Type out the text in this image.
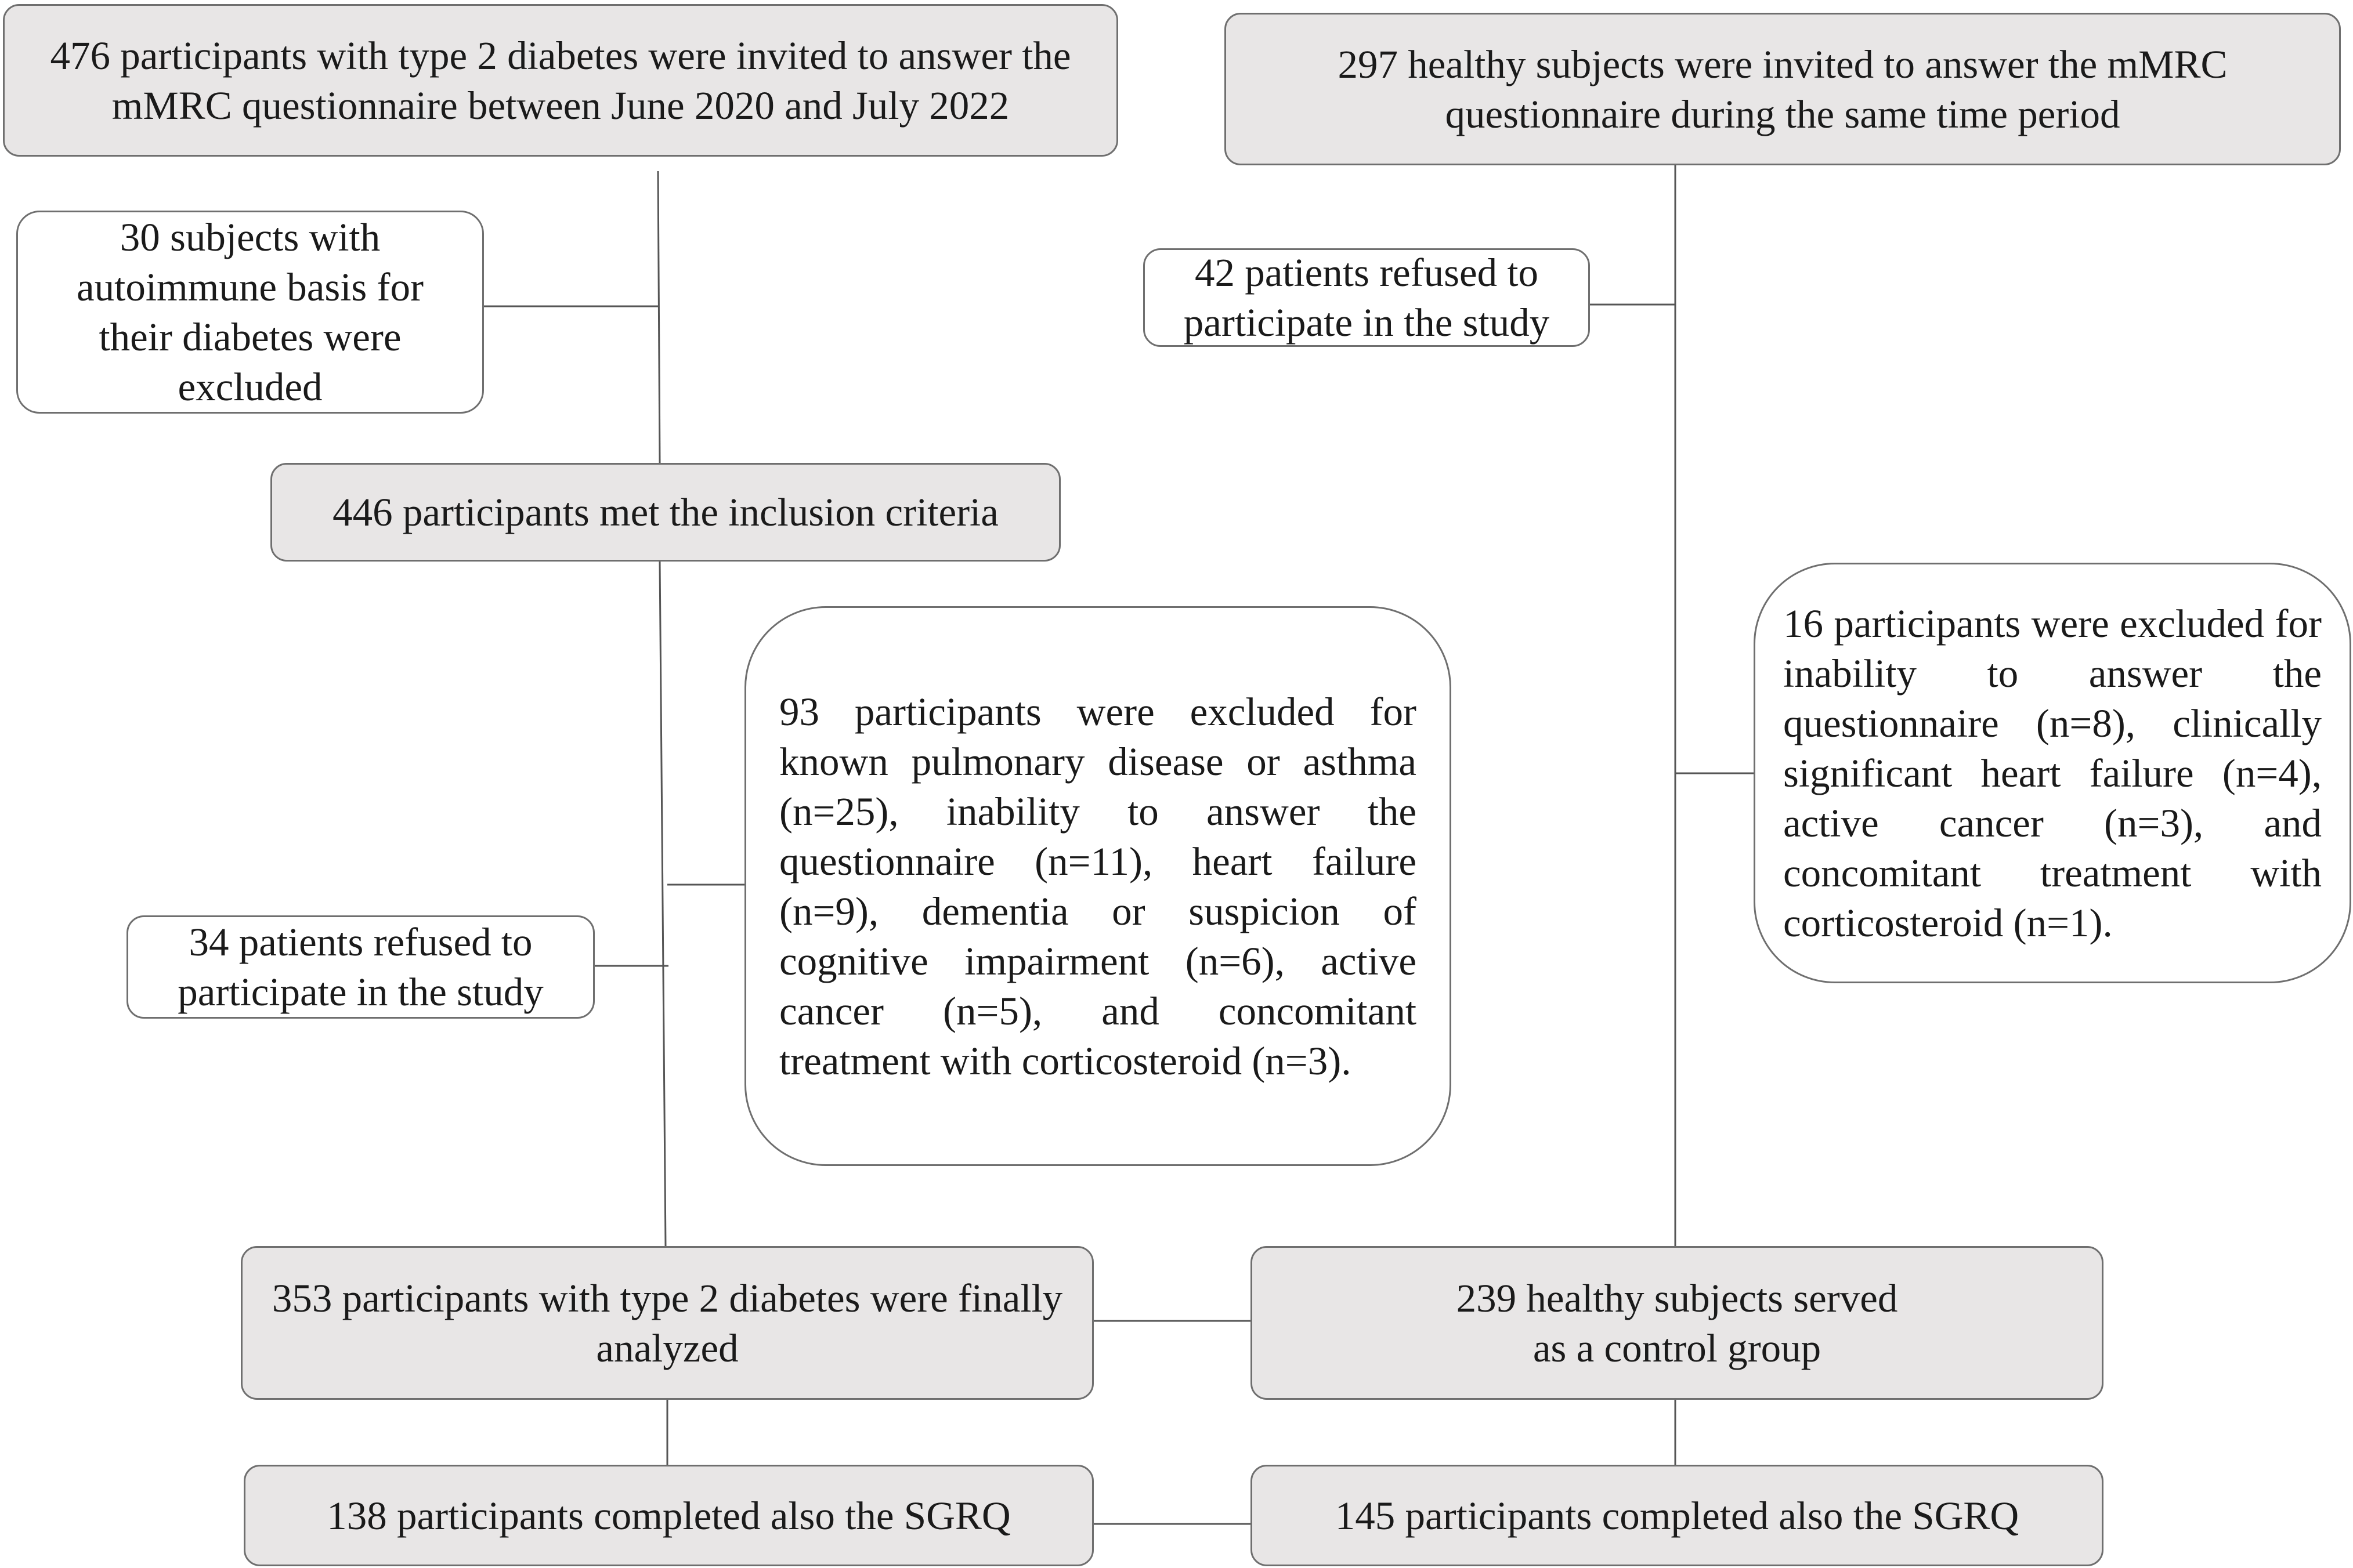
476 participants with type 2 diabetes were invited to answer the mMRC questionnaire between June 2020 and July 2022
297 healthy subjects were invited to answer the mMRC questionnaire during the same time period
30 subjects with autoimmune basis for their diabetes were excluded
42 patients refused to participate in the study
446 participants met the inclusion criteria
16 participants were excluded for inability to answer the questionnaire (n=8), clinically significant heart failure (n=4), active cancer (n=3), and concomitant treatment with corticosteroid (n=1).
93 participants were excluded for known pulmonary disease or asthma (n=25), inability to answer the questionnaire (n=11), heart failure (n=9), dementia or suspicion of cognitive impairment (n=6), active cancer (n=5), and concomitant treatment with corticosteroid (n=3).
34 patients refused to participate in the study
353 participants with type 2 diabetes were finally analyzed
239 healthy subjects served as a control group
138 participants completed also the SGRQ	145 participants completed also the SGRQ
